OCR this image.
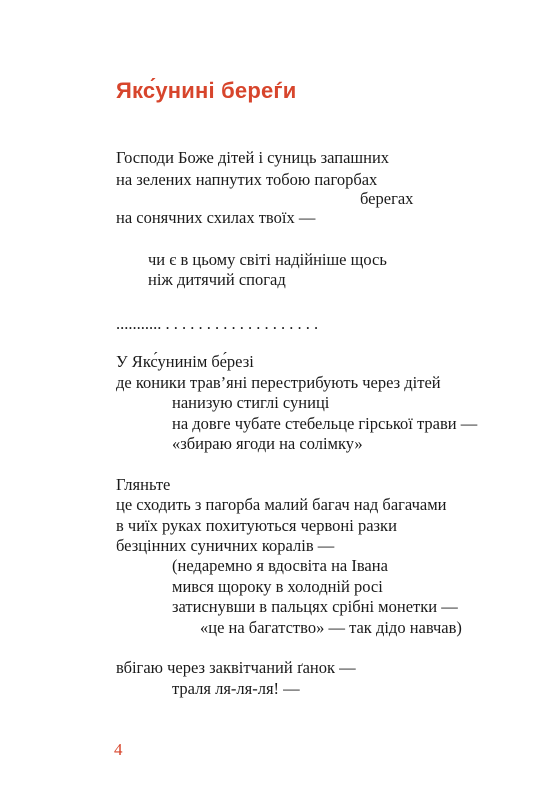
Якс́унині береѓи
Господи Боже дітей і суниць запашних
на зелених напнутих тобою пагорбах
берегах
на сонячних схилах твоїх —
чи є в цьому світі надійніше щось
ніж дитячий спогад
........... . . . . . . . . . . . . . . . . . . .
У Якс́унинім бе́резі
де коники трав’яні перестрибують через дітей
нанизую стиглі суниці
на довге чубате стебельце гірської трави —
«збираю ягоди на солімку»
Гляньте
це сходить з пагорба малий багач над багачами
в чиїх руках похитуються червоні разки
безцінних суничних коралів —
(недаремно я вдосвіта на Івана
мився щороку в холодній росі
затиснувши в пальцях срібні монетки —
«це на багатство» — так дідо навчав)
вбігаю через заквітчаний ґанок —
траля ля-ля-ля! —
4
